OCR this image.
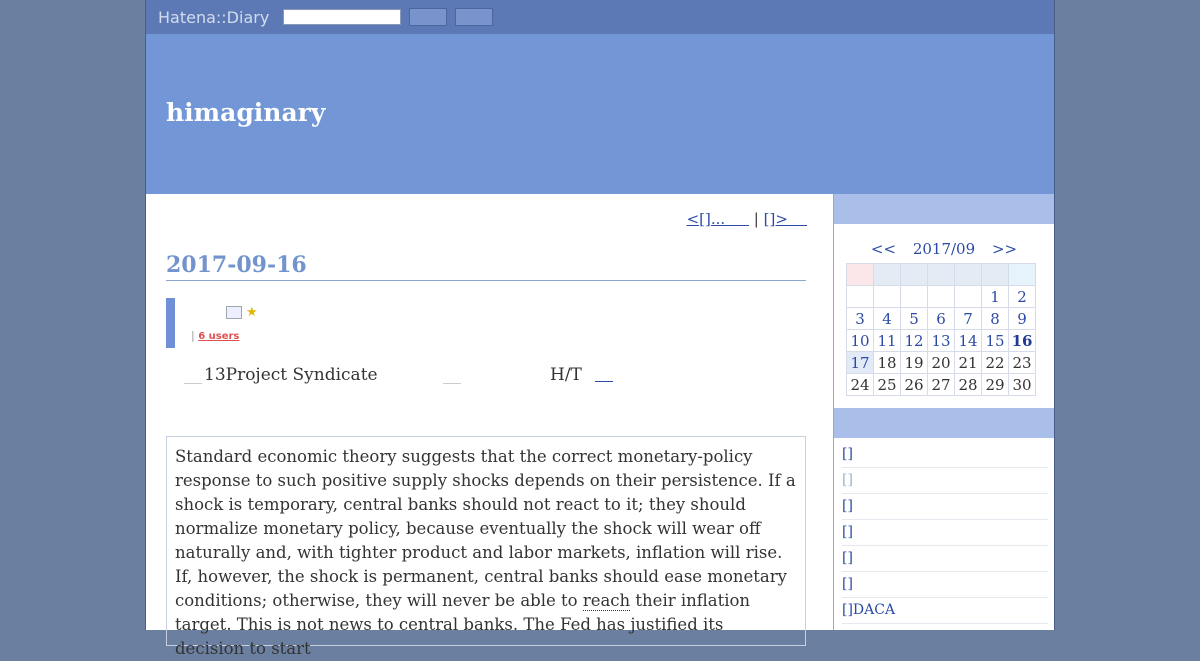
Hatena::Diary
himaginary
<[]... | []>
2017-09-16
★
| 6 users
13Project Syndicate	H/T
Standard economic theory suggests that the correct monetary-policy response to such positive supply shocks depends on their persistence. If a shock is temporary, central banks should not react to it; they should normalize monetary policy, because eventually the shock will wear off naturally and, with tighter product and labor markets, inflation will rise. If, however, the shock is permanent, central banks should ease monetary conditions; otherwise, they will never be able to reach their inflation target. This is not news to central banks. The Fed has justified its decision to start
<< 2017/09 >>

					1	2
3	4	5	6	7	8	9
10	11	12	13	14	15	16
17	18	19	20	21	22	23
24	25	26	27	28	29	30
[]
[]
[]
[]
[]
[]
[]DACA
